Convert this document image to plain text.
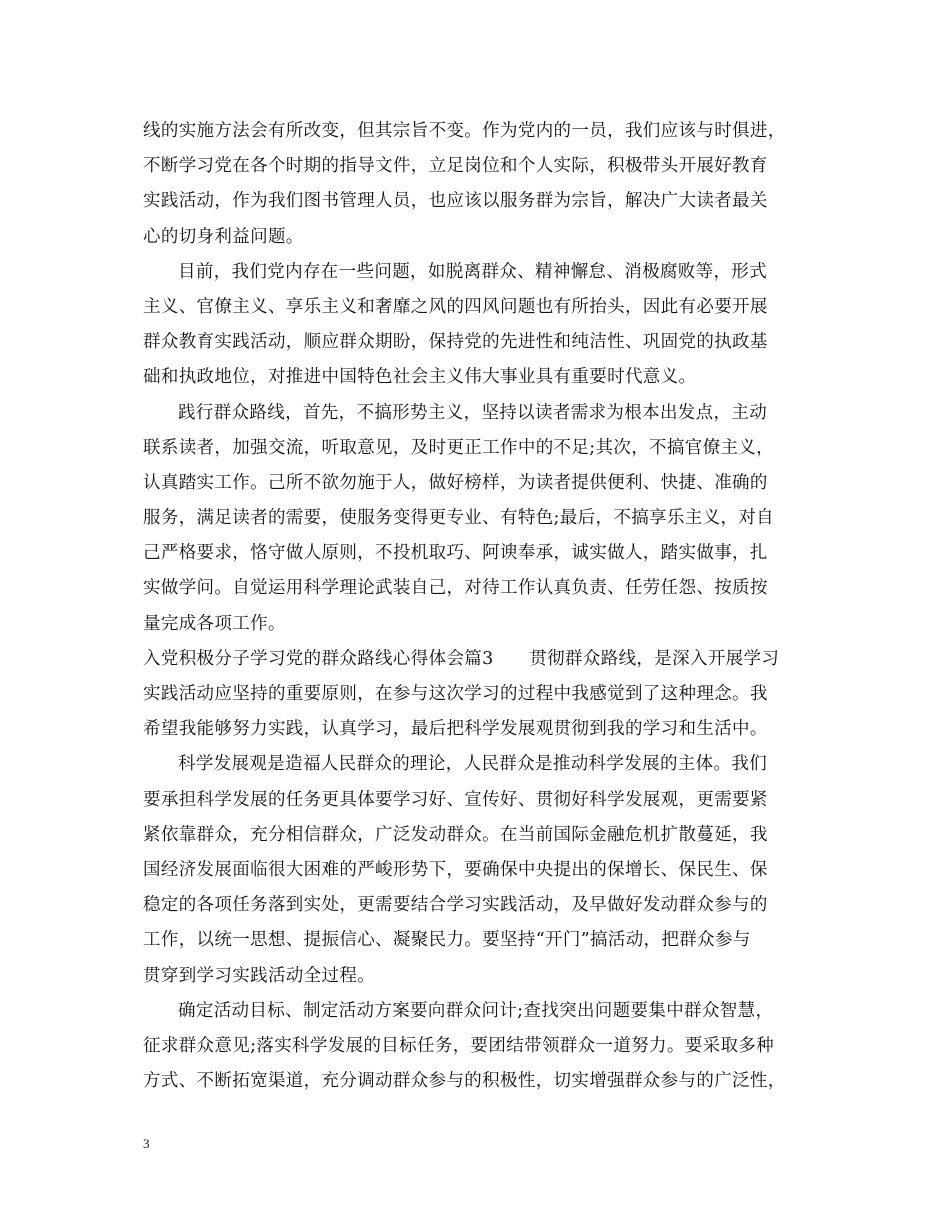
线的实施方法会有所改变，但其宗旨不变。作为党内的一员，我们应该与时俱进，
不断学习党在各个时期的指导文件，立足岗位和个人实际，积极带头开展好教育
实践活动，作为我们图书管理人员，也应该以服务群为宗旨，解决广大读者最关
心的切身利益问题。
目前，我们党内存在一些问题，如脱离群众、精神懈怠、消极腐败等，形式
主义、官僚主义、享乐主义和奢靡之风的四风问题也有所抬头，因此有必要开展
群众教育实践活动，顺应群众期盼，保持党的先进性和纯洁性、巩固党的执政基
础和执政地位，对推进中国特色社会主义伟大事业具有重要时代意义。
践行群众路线，首先，不搞形势主义，坚持以读者需求为根本出发点，主动
联系读者，加强交流，听取意见，及时更正工作中的不足;其次，不搞官僚主义，
认真踏实工作。己所不欲勿施于人，做好榜样，为读者提供便利、快捷、准确的
服务，满足读者的需要，使服务变得更专业、有特色;最后，不搞享乐主义，对自
己严格要求，恪守做人原则，不投机取巧、阿谀奉承，诚实做人，踏实做事，扎
实做学问。自觉运用科学理论武装自己，对待工作认真负责、任劳任怨、按质按
量完成各项工作。
入党积极分子学习党的群众路线心得体会篇3　　贯彻群众路线，是深入开展学习
实践活动应坚持的重要原则，在参与这次学习的过程中我感觉到了这种理念。我
希望我能够努力实践，认真学习，最后把科学发展观贯彻到我的学习和生活中。
科学发展观是造福人民群众的理论，人民群众是推动科学发展的主体。我们
要承担科学发展的任务更具体要学习好、宣传好、贯彻好科学发展观，更需要紧
紧依靠群众，充分相信群众，广泛发动群众。在当前国际金融危机扩散蔓延，我
国经济发展面临很大困难的严峻形势下，要确保中央提出的保增长、保民生、保
稳定的各项任务落到实处，更需要结合学习实践活动，及早做好发动群众参与的
工作，以统一思想、提振信心、凝聚民力。要坚持“开门”搞活动，把群众参与
贯穿到学习实践活动全过程。
确定活动目标、制定活动方案要向群众问计;查找突出问题要集中群众智慧，
征求群众意见;落实科学发展的目标任务，要团结带领群众一道努力。要采取多种
方式、不断拓宽渠道，充分调动群众参与的积极性，切实增强群众参与的广泛性，
3
